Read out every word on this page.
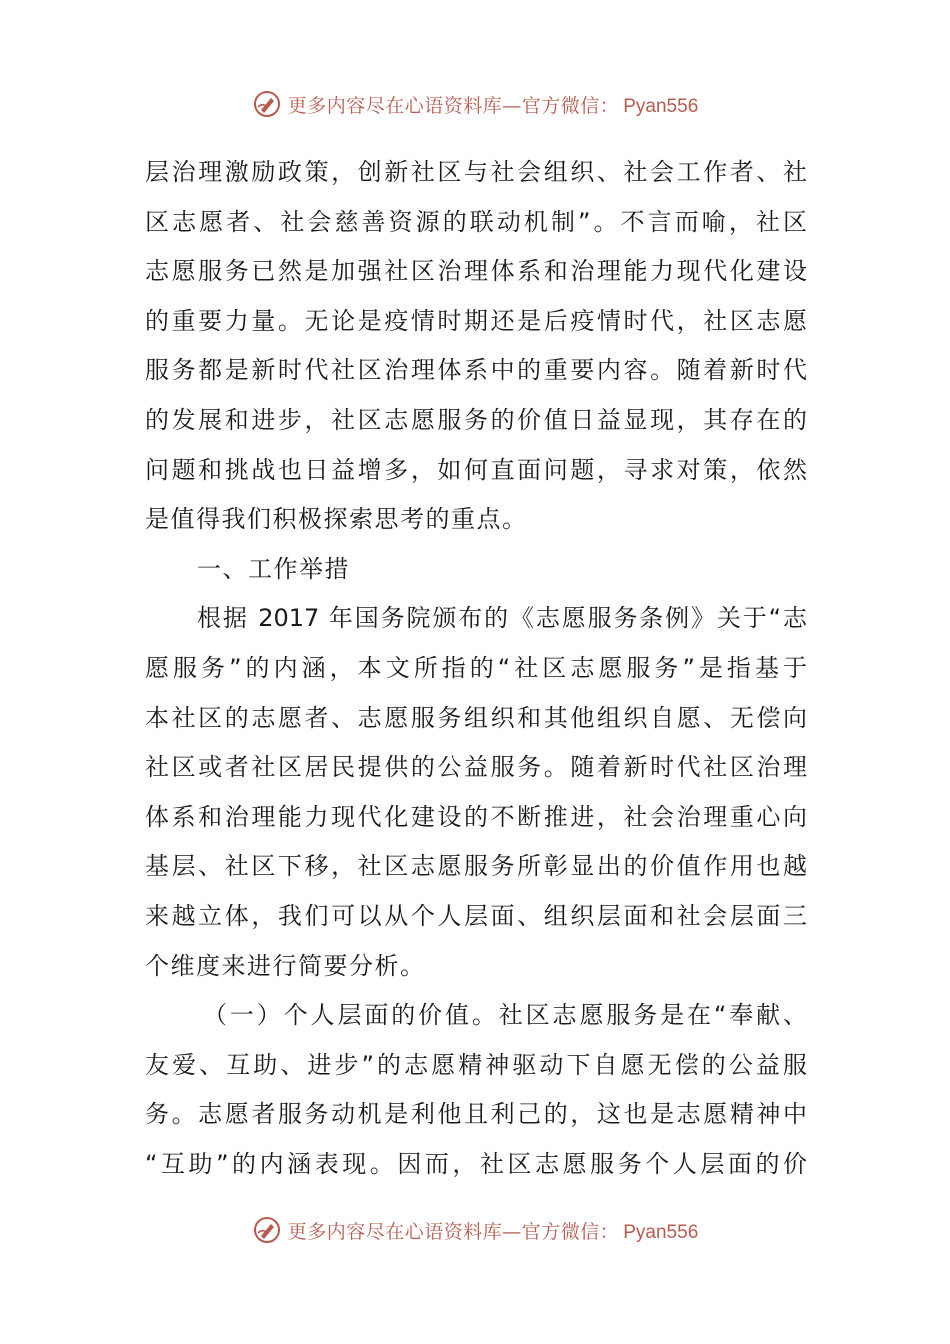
更多内容尽在心语资料库—官方微信： Pyan556
层治理激励政策，创新社区与社会组织、社会工作者、社
区志愿者、社会慈善资源的联动机制”。不言而喻，社区
志愿服务已然是加强社区治理体系和治理能力现代化建设
的重要力量。无论是疫情时期还是后疫情时代，社区志愿
服务都是新时代社区治理体系中的重要内容。随着新时代
的发展和进步，社区志愿服务的价值日益显现，其存在的
问题和挑战也日益增多，如何直面问题，寻求对策，依然
是值得我们积极探索思考的重点。
一、工作举措
根据 2017 年国务院颁布的《志愿服务条例》关于“志
愿服务”的内涵，本文所指的“社区志愿服务”是指基于
本社区的志愿者、志愿服务组织和其他组织自愿、无偿向
社区或者社区居民提供的公益服务。随着新时代社区治理
体系和治理能力现代化建设的不断推进，社会治理重心向
基层、社区下移，社区志愿服务所彰显出的价值作用也越
来越立体，我们可以从个人层面、组织层面和社会层面三
个维度来进行简要分析。
（一）个人层面的价值。社区志愿服务是在“奉献、
友爱、互助、进步”的志愿精神驱动下自愿无偿的公益服
务。志愿者服务动机是利他且利己的，这也是志愿精神中
“互助”的内涵表现。因而，社区志愿服务个人层面的价
更多内容尽在心语资料库—官方微信： Pyan556
